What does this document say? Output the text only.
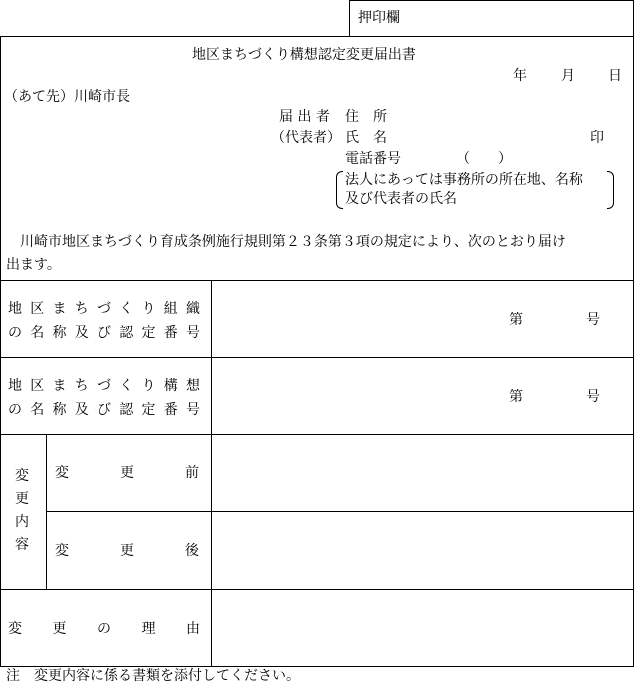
押印欄
地区まちづくり構想認定変更届出書
年 月 日
（あて先）川崎市長
届 出 者 住　所
（代表者） 氏　名	印
電話番号	（　　）
法人にあっては事務所の所在地、名称
及び代表者の氏名
川崎市地区まちづくり育成条例施行規則第２３条第３項の規定により、次のとおり届け
出ます。
地 区 ま ち づ く り 組 織
の 名 称 及 び 認 定 番 号
第	号
地 区 ま ち づ く り 構 想
の 名 称 及 び 認 定 番 号
第	号
変
更
内
容
変	更	前
変	更	後
変 更 の 理 由
注　変更内容に係る書類を添付してください。
